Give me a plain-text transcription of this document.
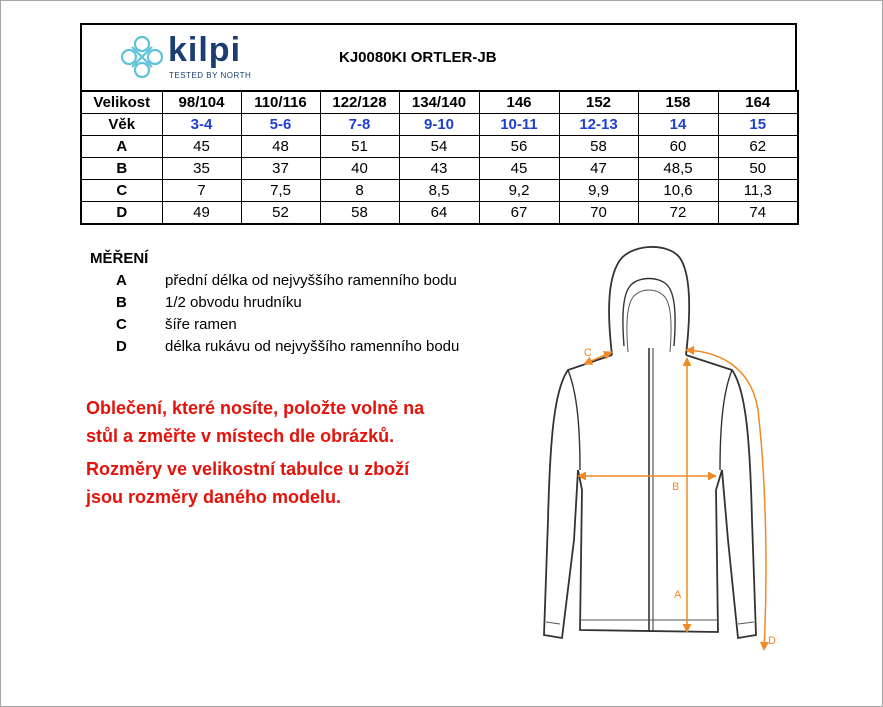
kilpi
TESTED BY NORTH
KJ0080KI ORTLER-JB
Velikost	98/104	110/116	122/128	134/140	146	152	158	164
Věk	3-4	5-6	7-8	9-10	10-11	12-13	14	15
A	45	48	51	54	56	58	60	62
B	35	37	40	43	45	47	48,5	50
C	7	7,5	8	8,5	9,2	9,9	10,6	11,3
D	49	52	58	64	67	70	72	74
MĚŘENÍ
A	přední délka od nejvyššího ramenního bodu
B	1/2 obvodu hrudníku
C	šíře ramen
D	délka rukávu od nejvyššího ramenního bodu
Oblečení, které nosíte, položte volně na
stůl a změřte v místech dle obrázků.
Rozměry ve velikostní tabulce u zboží
jsou rozměry daného modelu.
C
B
A
D
